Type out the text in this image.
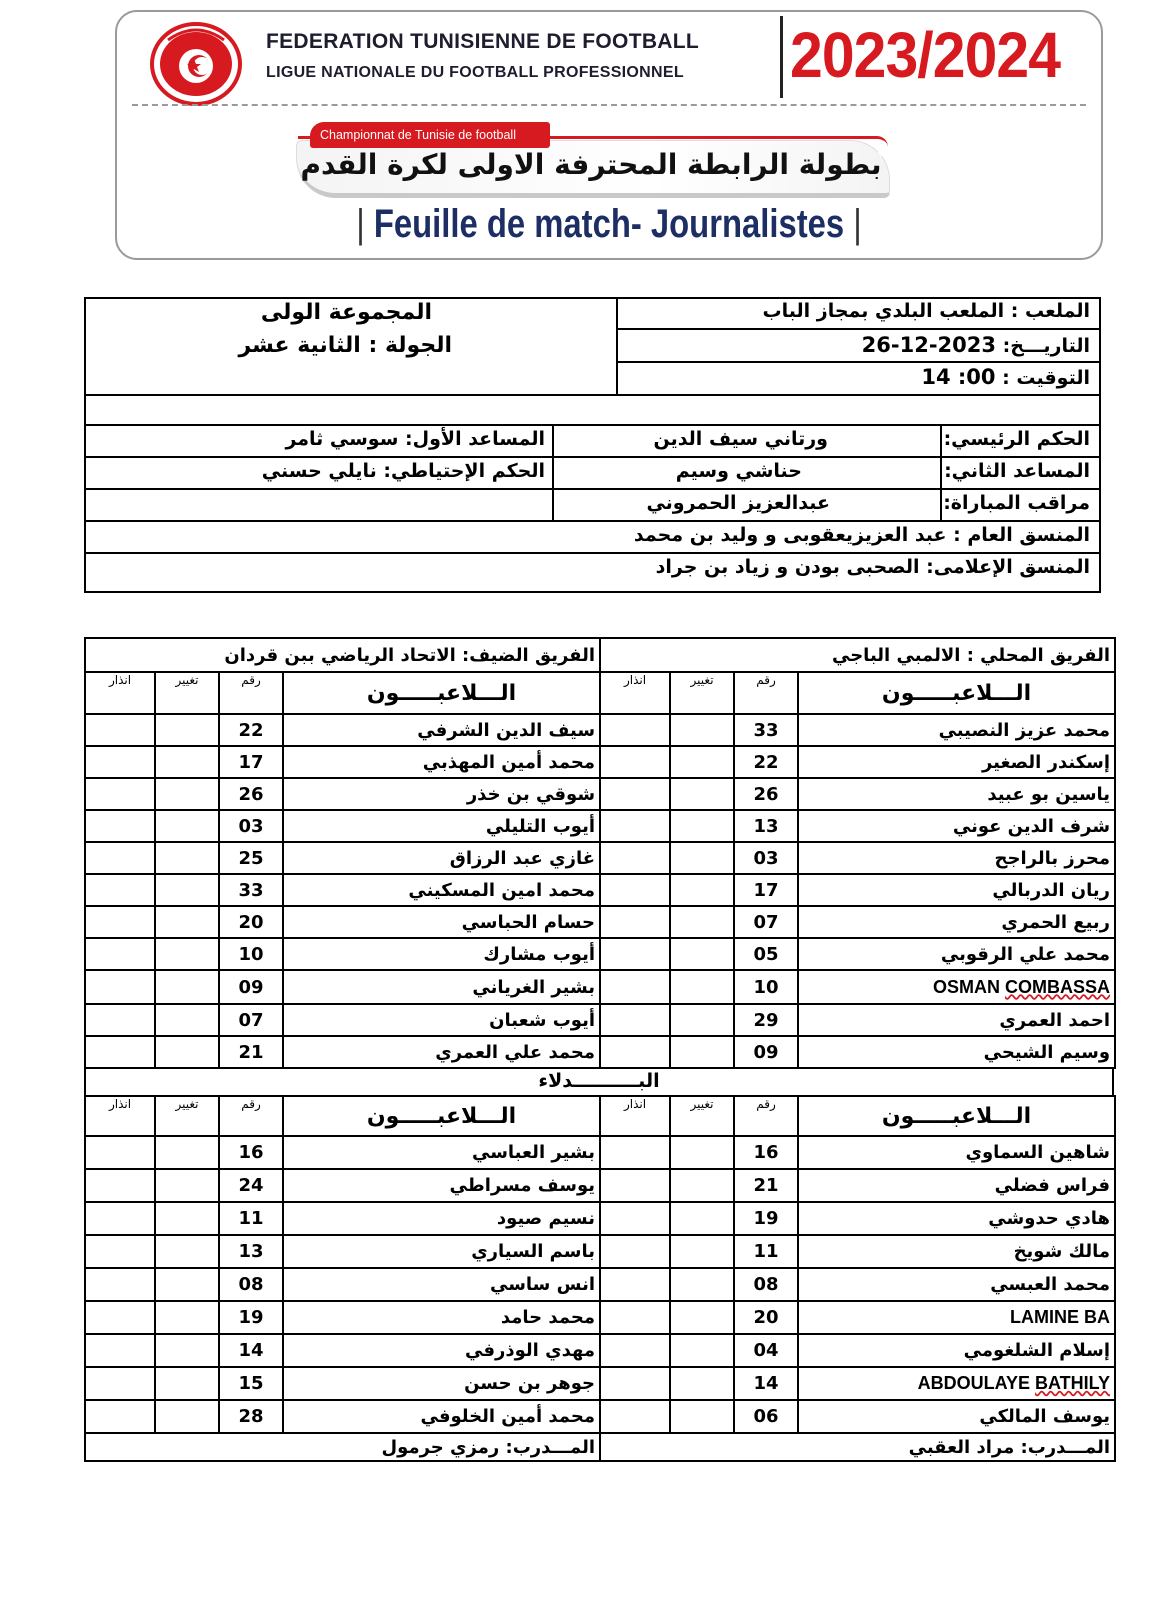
FEDERATION TUNISIENNE DE FOOTBALL
LIGUE NATIONALE DU FOOTBALL PROFESSIONNEL 2023/2024
Championnat de Tunisie de football
بطولة الرابطة المحترفة الاولى لكرة القدم
| Feuille de match- Journalistes |
الملعب : الملعب البلدي بمجاز الباب
التاريـــخ: 2023-12-26
التوقيت : 14 :00
المجموعة الولى
الجولة : الثانية عشر
الحكم الرئيسي:
ورتاني سيف الدين
المساعد الأول: سوسي ثامر
المساعد الثاني:
حناشي وسيم
الحكم الإحتياطي: نايلي حسني
مراقب المباراة:
عبدالعزيز الحمروني
المنسق العام : عبد العزيزيعقوبى و وليد بن محمد
المنسق الإعلامى: الصحبى بودن و زياد بن جراد
الفريق المحلي : الالمبي الباجي			
الـــلاعبـــــون	رقم	تغيير	انذار
محمد عزيز النصيبي	33		
إسكندر الصغير	22		
ياسين بو عبيد	26		
شرف الدين عوني	13		
محرز بالراجح	03		
ريان الدربالي	17		
ربيع الحمري	07		
محمد علي الرقوبي	05		
OSMAN COMBASSA	10		
احمد العمري	29		
وسيم الشيحي	09		
الفريق الضيف: الاتحاد الرياضي ببن قردان			
الـــلاعبـــــون	رقم	تغيير	انذار
سيف الدين الشرفي	22		
محمد أمين المهذبي	17		
شوقي بن خذر	26		
أيوب التليلي	03		
غازي عبد الرزاق	25		
محمد امين المسكيني	33		
حسام الحباسي	20		
أيوب مشارك	10		
بشير الغرياني	09		
أيوب شعبان	07		
محمد علي العمري	21		
البــــــــــدلاء
الـــلاعبـــــون	رقم	تغيير	انذار
شاهين السماوي	16		
فراس فضلي	21		
هادي حدوشي	19		
مالك شويخ	11		
محمد العبسي	08		
LAMINE BA	20		
إسلام الشلغومي	04		
ABDOULAYE BATHILY	14		
يوسف المالكي	06		
المـــدرب: مراد العقبي			
الـــلاعبـــــون	رقم	تغيير	انذار
بشير العباسي	16		
يوسف مسراطي	24		
نسيم صيود	11		
باسم السياري	13		
انس ساسي	08		
محمد حامد	19		
مهدي الوذرفي	14		
جوهر بن حسن	15		
محمد أمين الخلوفي	28		
المـــدرب: رمزي جرمول			
